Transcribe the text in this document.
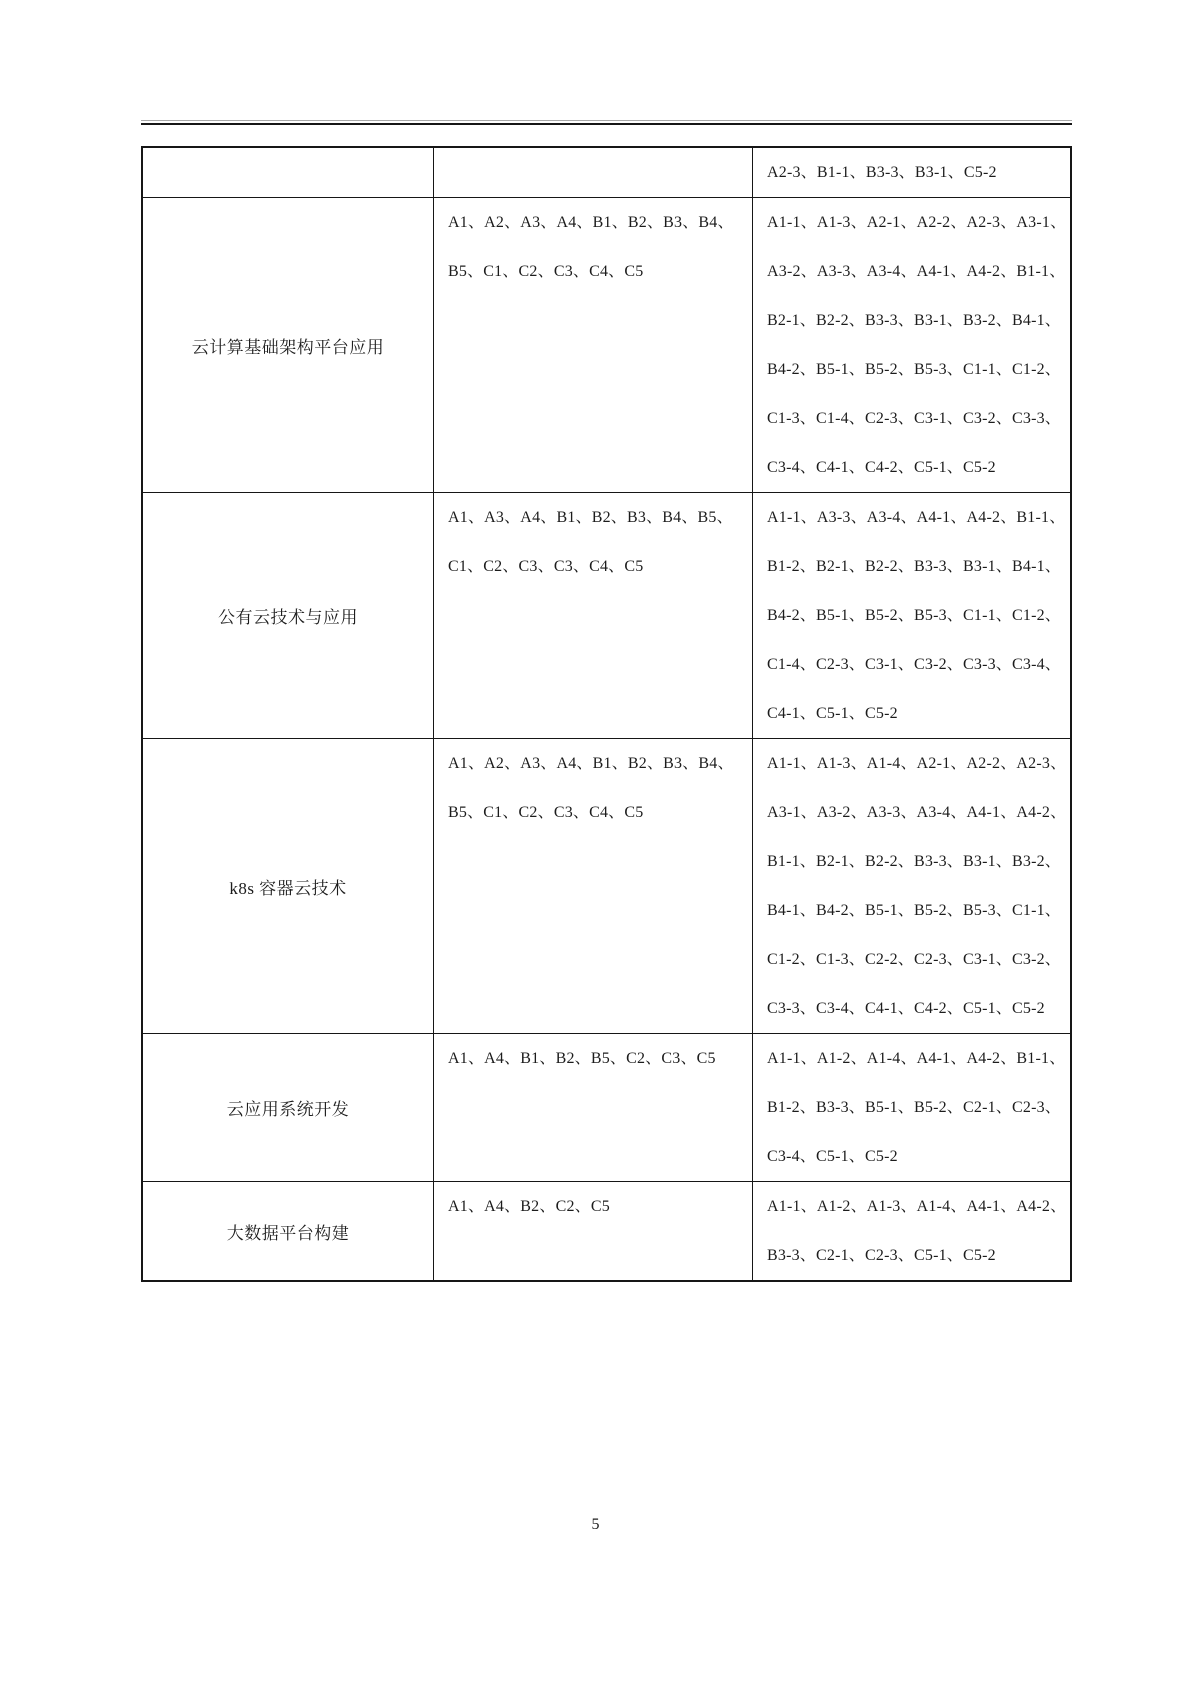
A2-3、B1-1、B3-3、B3-1、C5-2
云计算基础架构平台应用
A1、A2、A3、A4、B1、B2、B3、B4、
B5、C1、C2、C3、C4、C5
A1-1、A1-3、A2-1、A2-2、A2-3、A3-1、
A3-2、A3-3、A3-4、A4-1、A4-2、B1-1、
B2-1、B2-2、B3-3、B3-1、B3-2、B4-1、
B4-2、B5-1、B5-2、B5-3、C1-1、C1-2、
C1-3、C1-4、C2-3、C3-1、C3-2、C3-3、
C3-4、C4-1、C4-2、C5-1、C5-2
公有云技术与应用
A1、A3、A4、B1、B2、B3、B4、B5、
C1、C2、C3、C3、C4、C5
A1-1、A3-3、A3-4、A4-1、A4-2、B1-1、
B1-2、B2-1、B2-2、B3-3、B3-1、B4-1、
B4-2、B5-1、B5-2、B5-3、C1-1、C1-2、
C1-4、C2-3、C3-1、C3-2、C3-3、C3-4、
C4-1、C5-1、C5-2
k8s 容器云技术
A1、A2、A3、A4、B1、B2、B3、B4、
B5、C1、C2、C3、C4、C5
A1-1、A1-3、A1-4、A2-1、A2-2、A2-3、
A3-1、A3-2、A3-3、A3-4、A4-1、A4-2、
B1-1、B2-1、B2-2、B3-3、B3-1、B3-2、
B4-1、B4-2、B5-1、B5-2、B5-3、C1-1、
C1-2、C1-3、C2-2、C2-3、C3-1、C3-2、
C3-3、C3-4、C4-1、C4-2、C5-1、C5-2
云应用系统开发
A1、A4、B1、B2、B5、C2、C3、C5	A1-1、A1-2、A1-4、A4-1、A4-2、B1-1、
B1-2、B3-3、B5-1、B5-2、C2-1、C2-3、
C3-4、C5-1、C5-2
大数据平台构建
A1、A4、B2、C2、C5	A1-1、A1-2、A1-3、A1-4、A4-1、A4-2、
B3-3、C2-1、C2-3、C5-1、C5-2
5
